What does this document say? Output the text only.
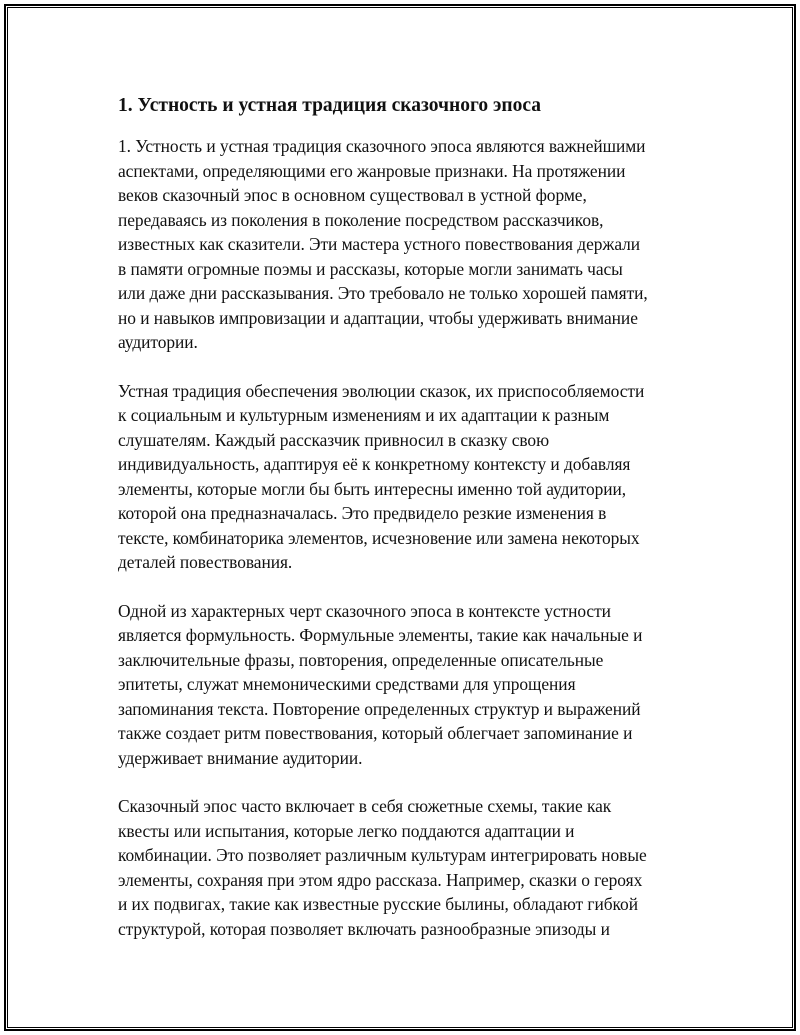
1. Устность и устная традиция сказочного эпоса
1. Устность и устная традиция сказочного эпоса являются важнейшими
аспектами, определяющими его жанровые признаки. На протяжении
веков сказочный эпос в основном существовал в устной форме,
передаваясь из поколения в поколение посредством рассказчиков,
известных как сказители. Эти мастера устного повествования держали
в памяти огромные поэмы и рассказы, которые могли занимать часы
или даже дни рассказывания. Это требовало не только хорошей памяти,
но и навыков импровизации и адаптации, чтобы удерживать внимание
аудитории.
Устная традиция обеспечения эволюции сказок, их приспособляемости
к социальным и культурным изменениям и их адаптации к разным
слушателям. Каждый рассказчик привносил в сказку свою
индивидуальность, адаптируя её к конкретному контексту и добавляя
элементы, которые могли бы быть интересны именно той аудитории,
которой она предназначалась. Это предвидело резкие изменения в
тексте, комбинаторика элементов, исчезновение или замена некоторых
деталей повествования.
Одной из характерных черт сказочного эпоса в контексте устности
является формульность. Формульные элементы, такие как начальные и
заключительные фразы, повторения, определенные описательные
эпитеты, служат мнемоническими средствами для упрощения
запоминания текста. Повторение определенных структур и выражений
также создает ритм повествования, который облегчает запоминание и
удерживает внимание аудитории.
Сказочный эпос часто включает в себя сюжетные схемы, такие как
квесты или испытания, которые легко поддаются адаптации и
комбинации. Это позволяет различным культурам интегрировать новые
элементы, сохраняя при этом ядро рассказа. Например, сказки о героях
и их подвигах, такие как известные русские былины, обладают гибкой
структурой, которая позволяет включать разнообразные эпизоды и
